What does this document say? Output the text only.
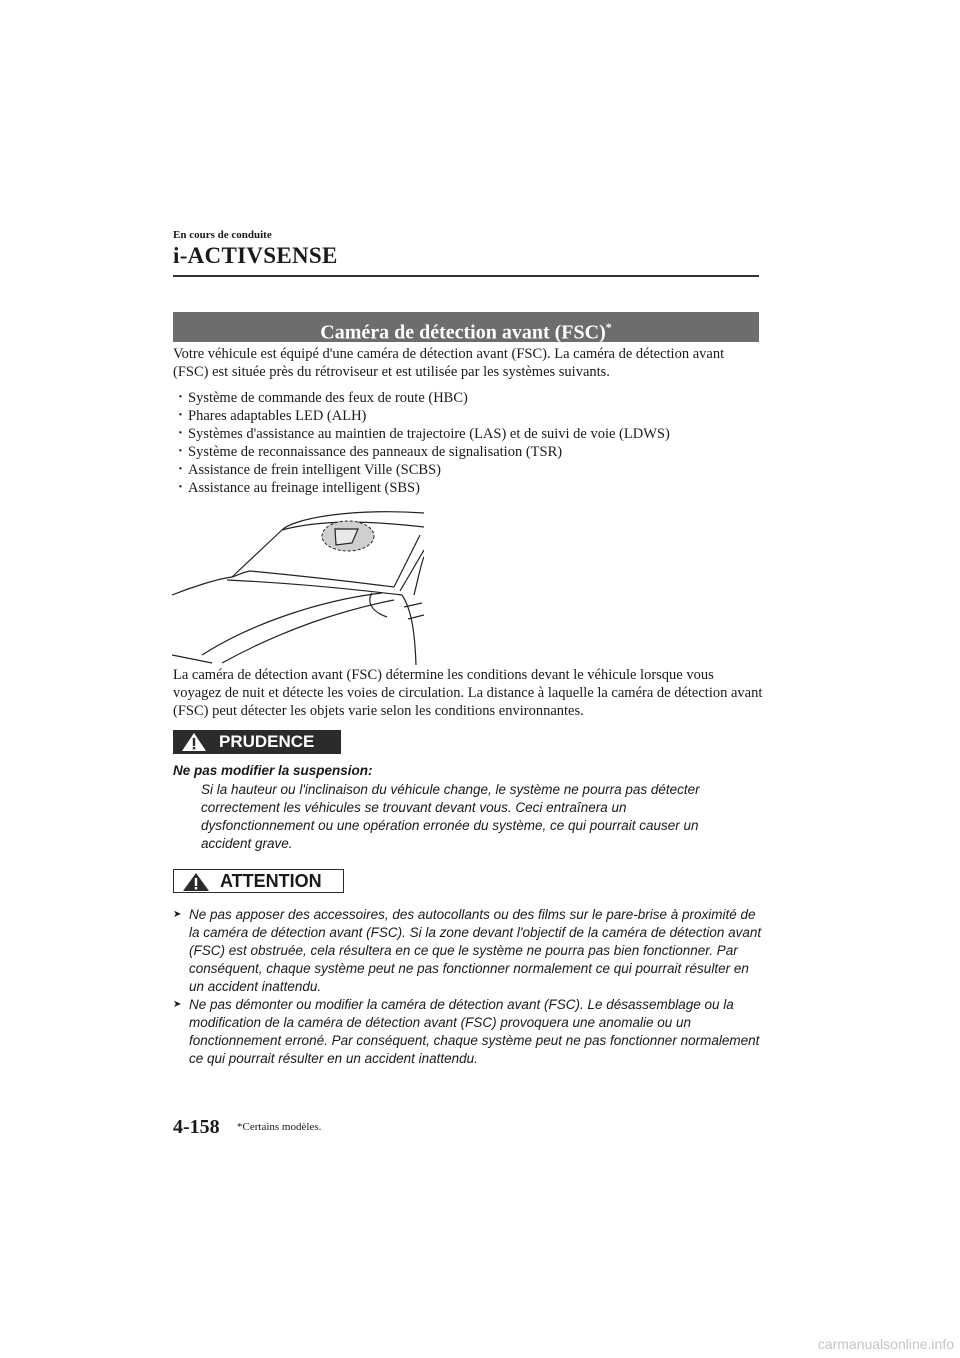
En cours de conduite
i-ACTIVSENSE
Caméra de détection avant (FSC)*
Votre véhicule est équipé d'une caméra de détection avant (FSC). La caméra de détection avant (FSC) est située près du rétroviseur et est utilisée par les systèmes suivants.
· Système de commande des feux de route (HBC)
· Phares adaptables LED (ALH)
· Systèmes d'assistance au maintien de trajectoire (LAS) et de suivi de voie (LDWS)
· Système de reconnaissance des panneaux de signalisation (TSR)
· Assistance de frein intelligent Ville (SCBS)
· Assistance au freinage intelligent (SBS)
La caméra de détection avant (FSC) détermine les conditions devant le véhicule lorsque vous voyagez de nuit et détecte les voies de circulation. La distance à laquelle la caméra de détection avant (FSC) peut détecter les objets varie selon les conditions environnantes.
PRUDENCE
Ne pas modifier la suspension:
Si la hauteur ou l'inclinaison du véhicule change, le système ne pourra pas détecter correctement les véhicules se trouvant devant vous. Ceci entraînera un dysfonctionnement ou une opération erronée du système, ce qui pourrait causer un accident grave.
ATTENTION
➤ Ne pas apposer des accessoires, des autocollants ou des films sur le pare-brise à proximité de la caméra de détection avant (FSC). Si la zone devant l'objectif de la caméra de détection avant (FSC) est obstruée, cela résultera en ce que le système ne pourra pas bien fonctionner. Par conséquent, chaque système peut ne pas fonctionner normalement ce qui pourrait résulter en un accident inattendu.
➤ Ne pas démonter ou modifier la caméra de détection avant (FSC). Le désassemblage ou la modification de la caméra de détection avant (FSC) provoquera une anomalie ou un fonctionnement erroné. Par conséquent, chaque système peut ne pas fonctionner normalement ce qui pourrait résulter en un accident inattendu.
4-158 *Certains modèles.
carmanualsonline.info
